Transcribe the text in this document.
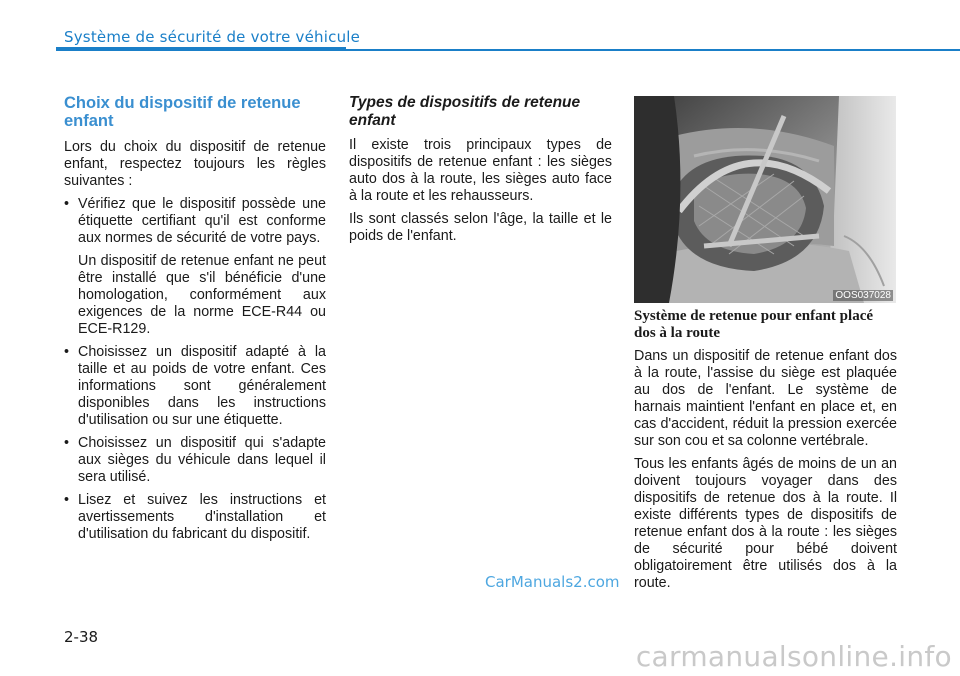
Système de sécurité de votre véhicule
Choix du dispositif de retenue enfant

Lors du choix du dispositif de retenue enfant, respectez toujours les règles suivantes :

• Vérifiez que le dispositif possède une étiquette certifiant qu'il est conforme aux normes de sécurité de votre pays.

Un dispositif de retenue enfant ne peut être installé que s'il bénéficie d'une homologation, conformément aux exigences de la norme ECE-R44 ou ECE-R129.

• Choisissez un dispositif adapté à la taille et au poids de votre enfant. Ces informations sont généralement disponibles dans les instructions d'utilisation ou sur une étiquette.
• Choisissez un dispositif qui s'adapte aux sièges du véhicule dans lequel il sera utilisé.
• Lisez et suivez les instructions et avertissements d'installation et d'utilisation du fabricant du dispositif.
Types de dispositifs de retenue enfant

Il existe trois principaux types de dispositifs de retenue enfant : les sièges auto dos à la route, les sièges auto face à la route et les rehausseurs.

Ils sont classés selon l'âge, la taille et le poids de l'enfant.

OOS037028
Système de retenue pour enfant placé dos à la route

Dans un dispositif de retenue enfant dos à la route, l'assise du siège est plaquée au dos de l'enfant. Le système de harnais maintient l'enfant en place et, en cas d'accident, réduit la pression exercée sur son cou et sa colonne vertébrale.

Tous les enfants âgés de moins de un an doivent toujours voyager dans des dispositifs de retenue dos à la route. Il existe différents types de dispositifs de retenue enfant dos à la route : les sièges de sécurité pour bébé doivent obligatoirement être utilisés dos à la route.

CarManuals2.com
2-38
carmanualsonline.info
